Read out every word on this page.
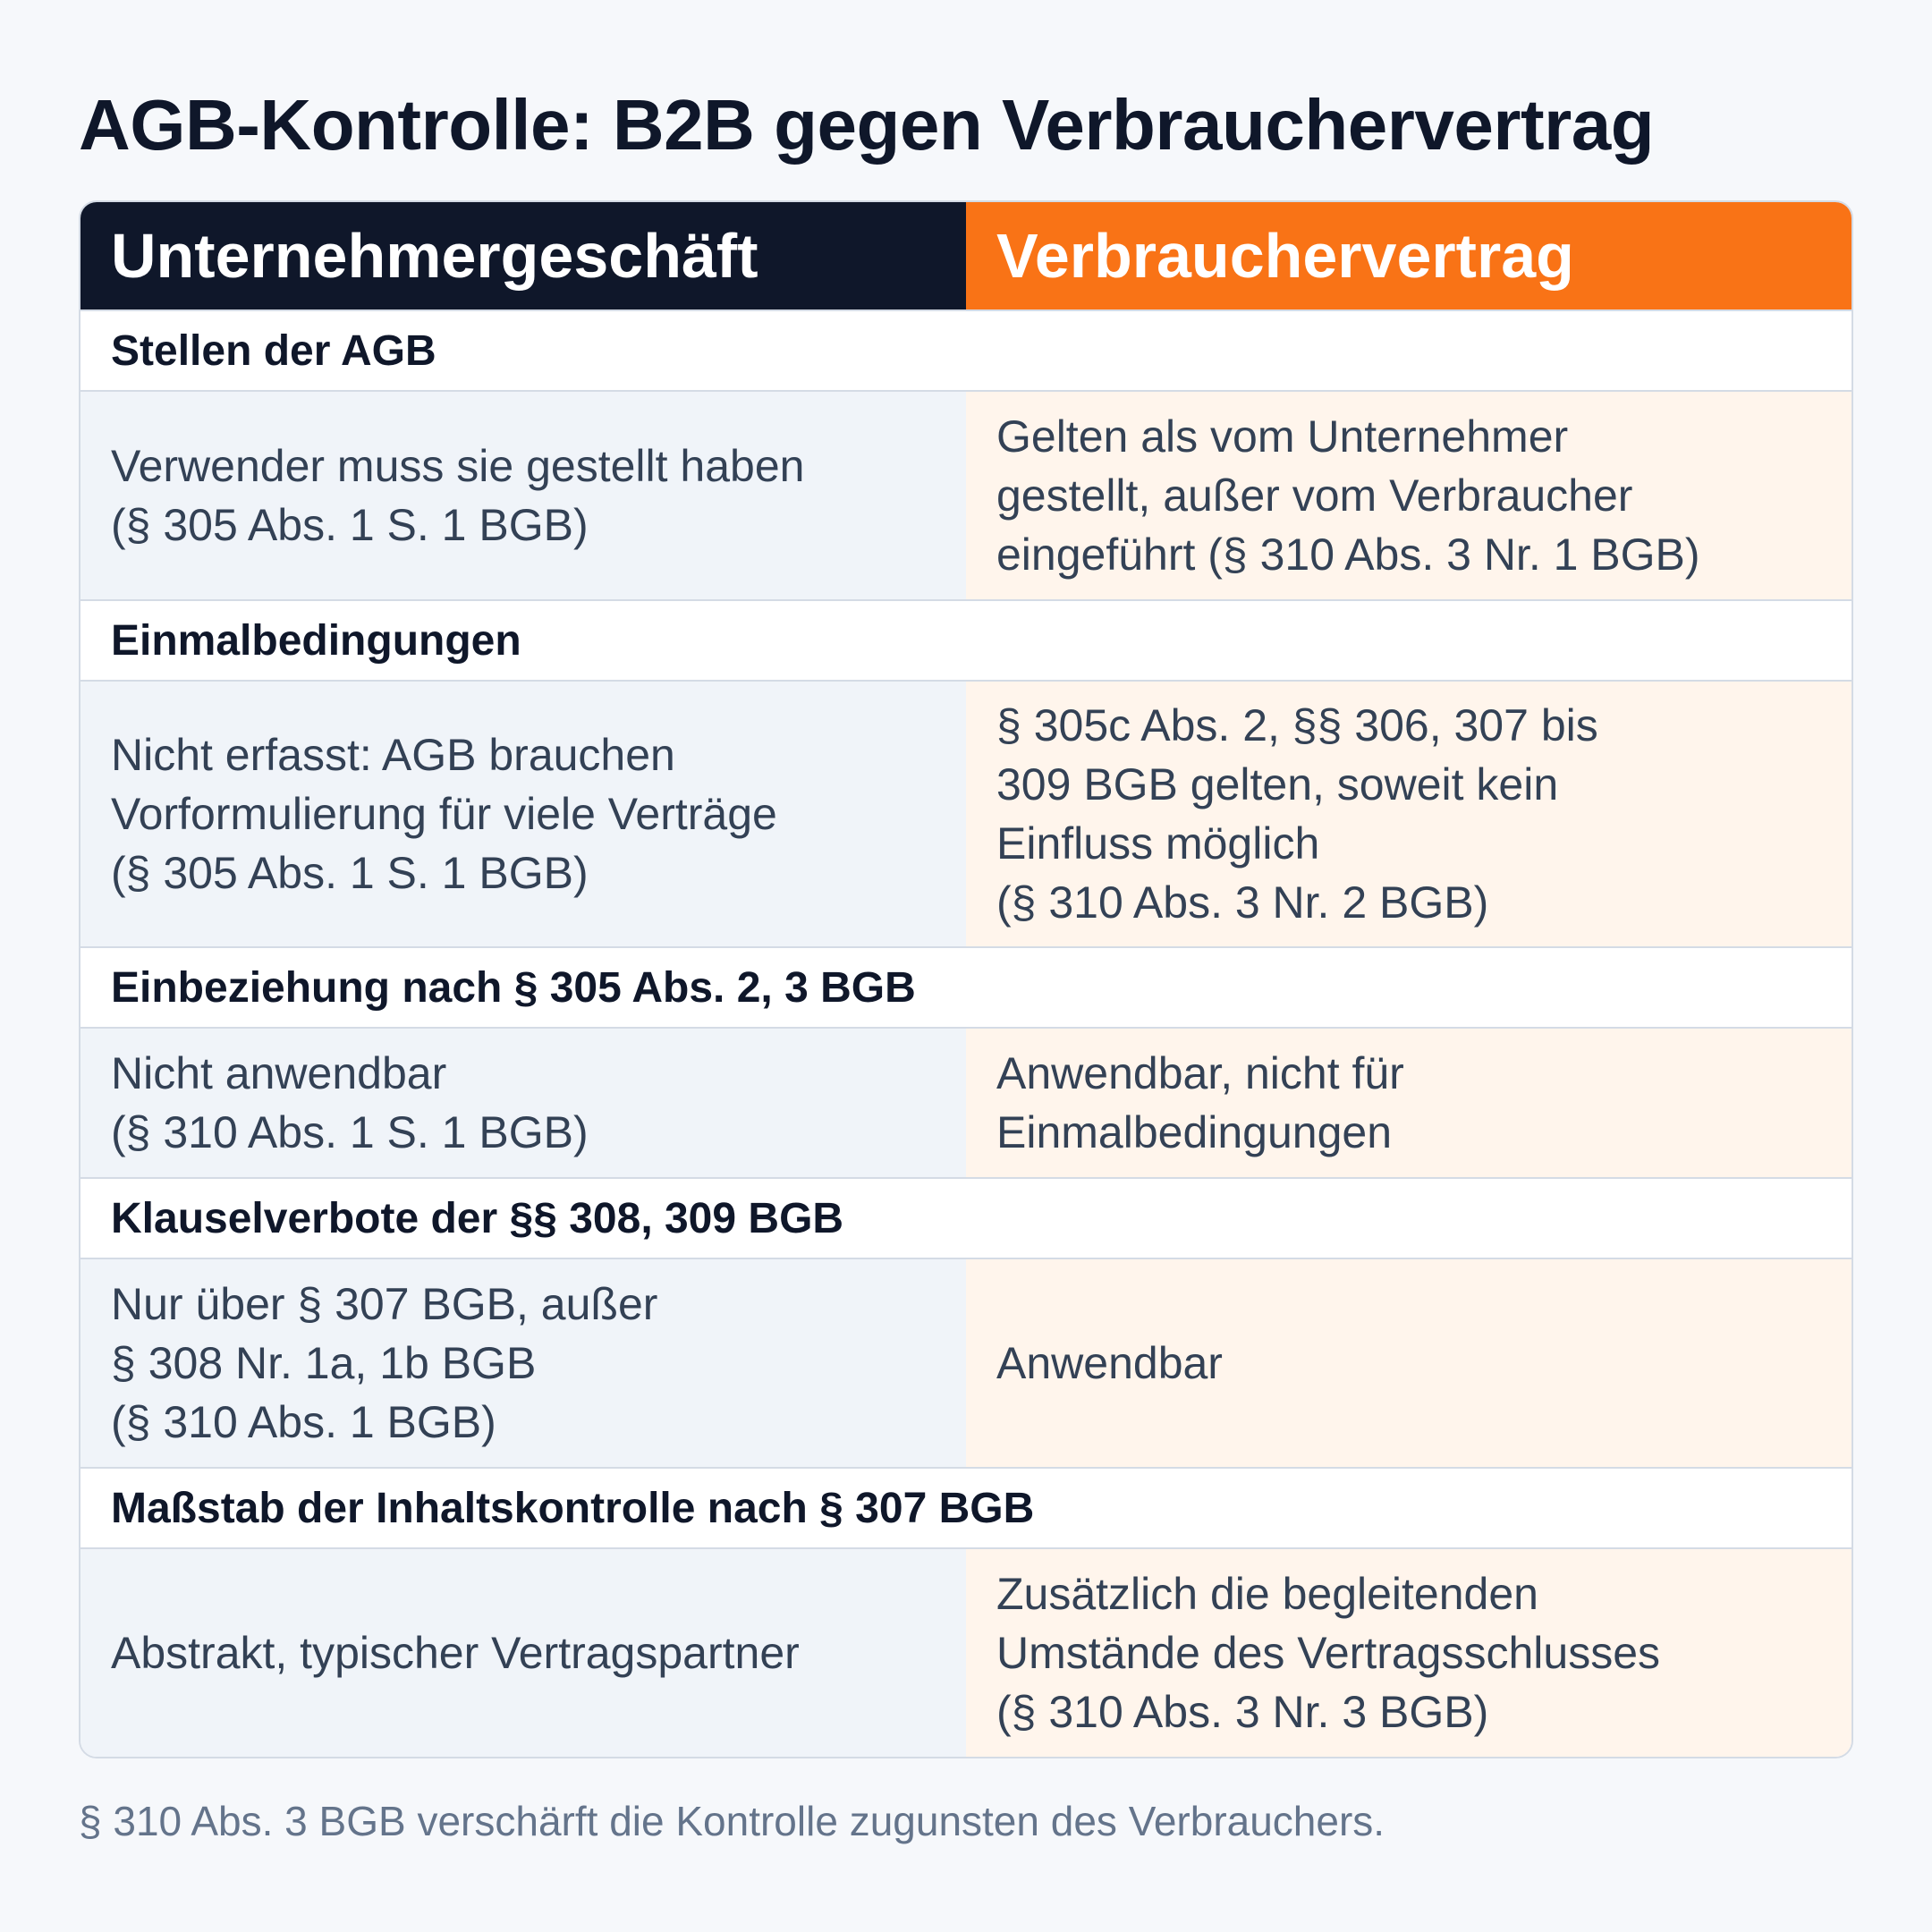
AGB-Kontrolle: B2B gegen Verbrauchervertrag
Unternehmergeschäft	Verbrauchervertrag
Stellen der AGB
Verwender muss sie gestellt haben
(§ 305 Abs. 1 S. 1 BGB)
Gelten als vom Unternehmer
gestellt, außer vom Verbraucher
eingeführt (§ 310 Abs. 3 Nr. 1 BGB)
Einmalbedingungen
Nicht erfasst: AGB brauchen
Vorformulierung für viele Verträge
(§ 305 Abs. 1 S. 1 BGB)
§ 305c Abs. 2, §§ 306, 307 bis
309 BGB gelten, soweit kein
Einfluss möglich
(§ 310 Abs. 3 Nr. 2 BGB)
Einbeziehung nach § 305 Abs. 2, 3 BGB
Nicht anwendbar
(§ 310 Abs. 1 S. 1 BGB)
Anwendbar, nicht für
Einmalbedingungen
Klauselverbote der §§ 308, 309 BGB
Nur über § 307 BGB, außer
§ 308 Nr. 1a, 1b BGB
(§ 310 Abs. 1 BGB)
Anwendbar
Maßstab der Inhaltskontrolle nach § 307 BGB
Abstrakt, typischer Vertragspartner
Zusätzlich die begleitenden
Umstände des Vertragsschlusses
(§ 310 Abs. 3 Nr. 3 BGB)
§ 310 Abs. 3 BGB verschärft die Kontrolle zugunsten des Verbrauchers.
